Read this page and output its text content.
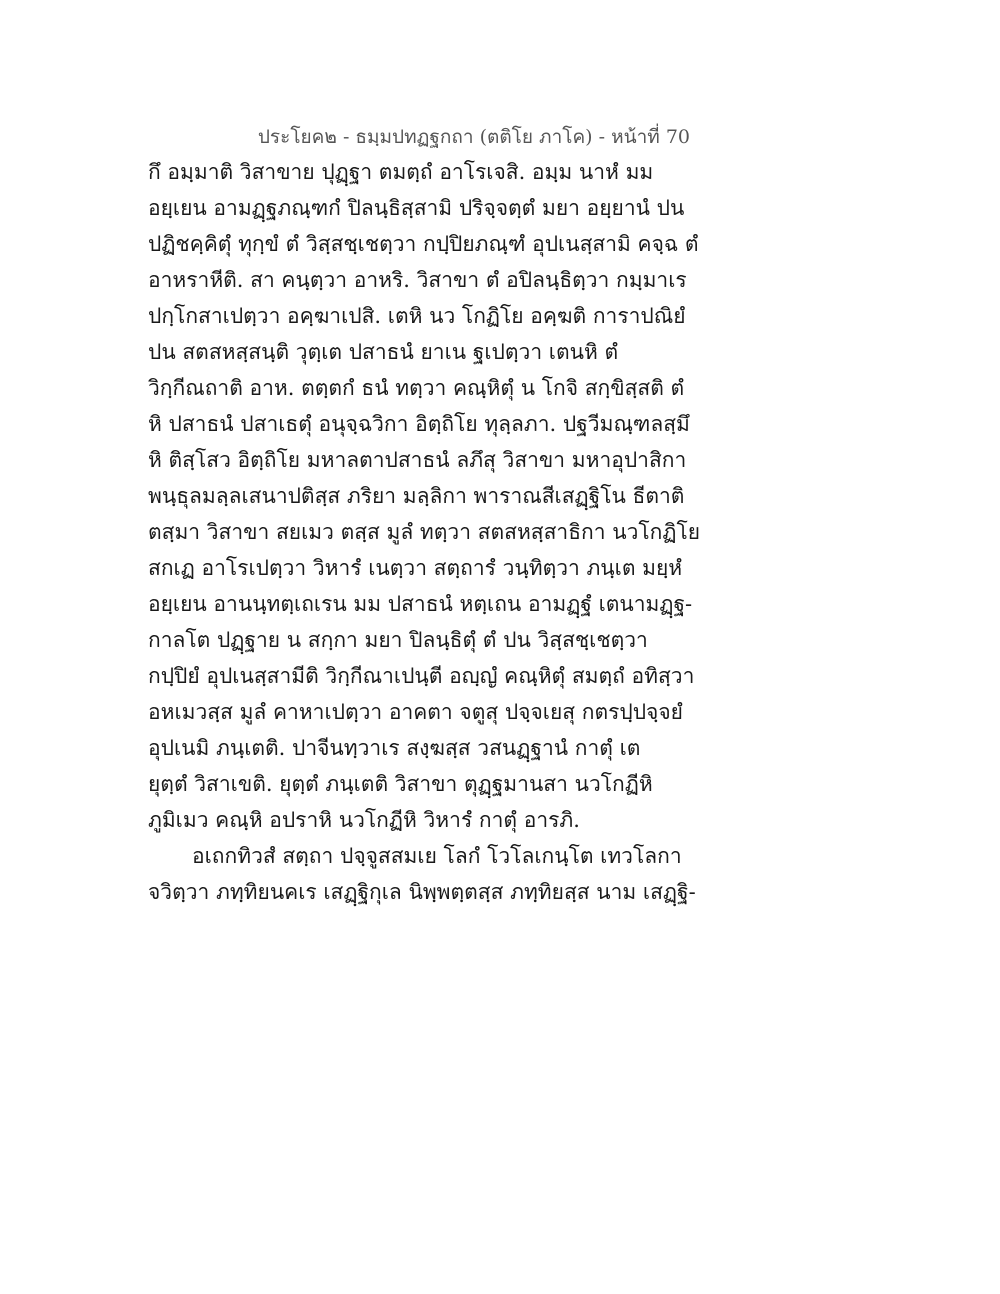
ประโยค๒ - ธมฺมปทฏฐกถา (ตติโย ภาโค) - หน้าที่ 70
กึ อมฺมาติ วิสาขาย ปุฏฺฐา ตมตฺถํ อาโรเจสิ. อมฺม นาหํ มม
อยฺเยน อามฏฺฐภณฺฑกํ ปิลนฺธิสฺสามิ ปริจฺจตฺตํ มยา อยฺยานํ ปน
ปฏิชคฺคิตุํ ทุกฺขํ ตํ วิสฺสชฺเชตฺวา กปฺปิยภณฺฑํ อุปเนสฺสามิ คจฺฉ ตํ
อาหราหีติ. สา คนฺตฺวา อาหริ. วิสาขา ตํ อปิลนฺธิตฺวา กมฺมาเร
ปกฺโกสาเปตฺวา อคฺฆาเปสิ. เตหิ นว โกฏิโย อคฺฆติ การาปณิยํ
ปน สตสหสฺสนฺติ วุตฺเต ปสาธนํ ยาเน ฐเปตฺวา เตนหิ ตํ
วิกฺกีณถาติ อาห. ตตฺตกํ ธนํ ทตฺวา คณฺหิตุํ น โกจิ สกฺขิสฺสติ ตํ
หิ ปสาธนํ ปสาเธตุํ อนุจฺฉวิกา อิตฺถิโย ทุลฺลภา. ปฐวีมณฺฑลสฺมึ
หิ ติสฺโสว อิตฺถิโย มหาลตาปสาธนํ ลภึสุ วิสาขา มหาอุปาสิกา
พนฺธุลมลฺลเสนาปติสฺส ภริยา มลฺลิกา พาราณสีเสฏฺฐิโน ธีตาติ
ตสฺมา วิสาขา สยเมว ตสฺส มูลํ ทตฺวา สตสหสฺสาธิกา นวโกฏิโย
สกเฏ อาโรเปตฺวา วิหารํ เนตฺวา สตฺถารํ วนฺทิตฺวา ภนฺเต มยฺหํ
อยฺเยน อานนฺทตฺเถเรน มม ปสาธนํ หตฺเถน อามฏฺฐํ เตนามฏฺฐ-
กาลโต ปฏฺฐาย น สกฺกา มยา ปิลนฺธิตุํ ตํ ปน วิสฺสชฺเชตฺวา
กปฺปิยํ อุปเนสฺสามีติ วิกฺกีณาเปนฺตี อญฺญํ คณฺหิตุํ สมตฺถํ อทิสฺวา
อหเมวสฺส มูลํ คาหาเปตฺวา อาคตา จตูสุ ปจฺจเยสุ กตรปฺปจฺจยํ
อุปเนมิ ภนฺเตติ. ปาจีนทฺวาเร สงฺฆสฺส วสนฏฺฐานํ กาตุํ เต
ยุตฺตํ วิสาเขติ. ยุตฺตํ ภนฺเตติ วิสาขา ตุฏฺฐมานสา นวโกฏีหิ
ภูมิเมว คณฺหิ อปราหิ นวโกฏีหิ วิหารํ กาตุํ อารภิ.
อเถกทิวสํ สตฺถา ปจฺจูสสมเย โลกํ โวโลเกนฺโต เทวโลกา
จวิตฺวา ภทฺทิยนคเร เสฏฺฐิกุเล นิพฺพตฺตสฺส ภทฺทิยสฺส นาม เสฏฺฐิ-
